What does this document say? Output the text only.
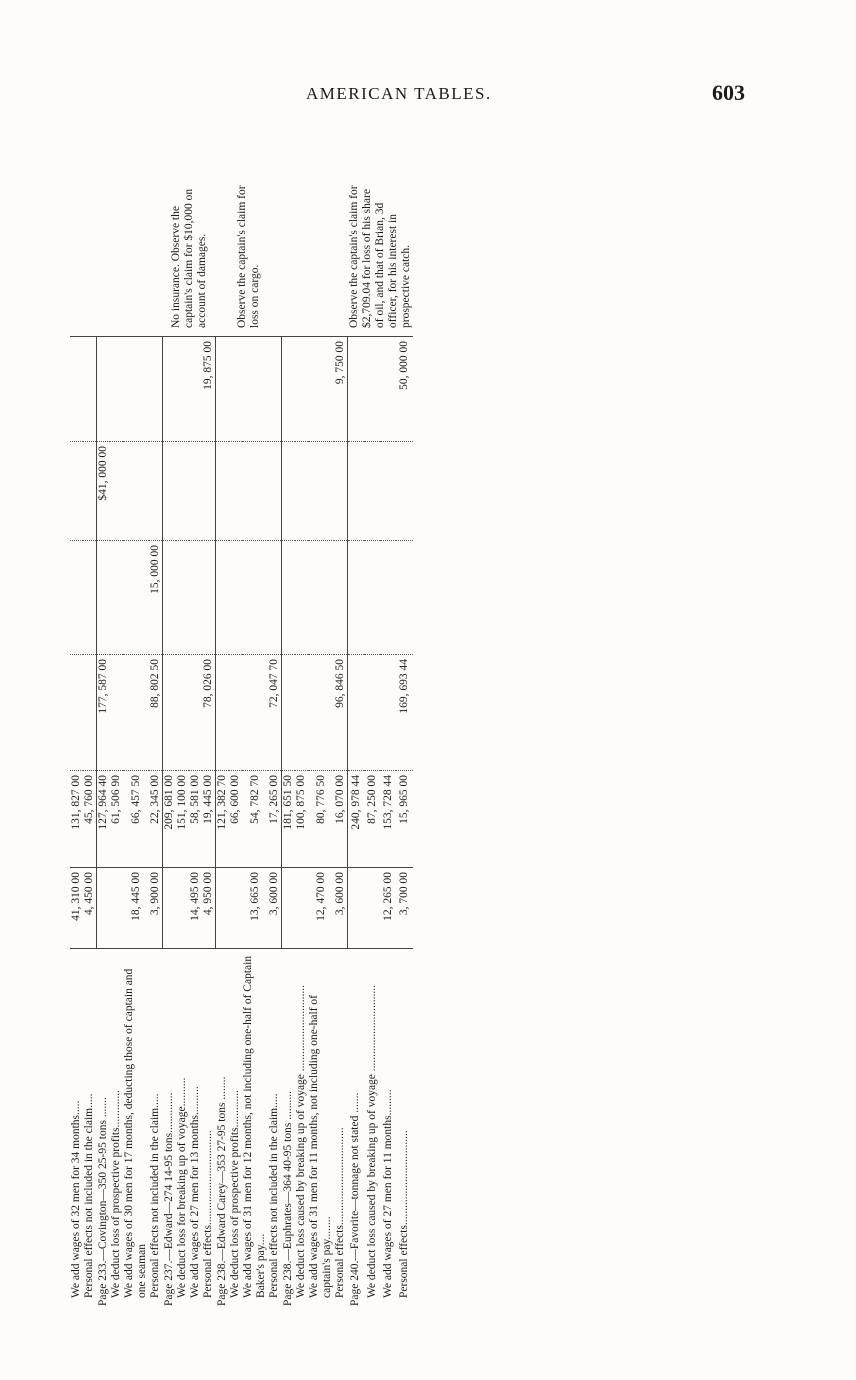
AMERICAN TABLES.	603
We add wages of 32 men for 34 months.....	41, 310 00	131, 827 00					
Personal effects not included in the claim.....	4, 450 00	45, 760 00					
Page 233.—Covington—350 25-95 tons .......		127, 964 40	177, 587 00		$41, 000 00		
We deduct loss of prospective profits.............		61, 506 90					
We add wages of 30 men for 17 months, deducting those of captain and one seaman	18, 445 00	66, 457 50					
Personal effects not included in the claim.....	3, 900 00	22, 345 00	88, 802 50	15, 000 00			
Page 237.—Edward—274 14-95 tons..............		209, 681 00					No insurance. Observe the captain's claim for $10,000 on account of damages.
We deduct loss for breaking up of voyage..........		151, 100 00					
We add wages of 27 men for 13 months..........	14, 495 00	58, 581 00					
Personal effects.................................	4, 950 00	19, 445 00	78, 026 00			19, 875 00	
Page 238.—Edward Carey—353 27-95 tons ........		121, 382 70					Observe the captain's claim for loss on cargo.
We deduct loss of prospective profits.............		66, 600 00					
We add wages of 31 men for 12 months, not including one-half of Captain Baker's pay....	13, 665 00	54, 782 70					
Personal effects not included in the claim.....	3, 600 00	17, 265 00	72, 047 70				
Page 238.—Euphrates—364 40-95 tons ..........		181, 651 50					
We deduct loss caused by breaking up of voyage ..............................		100, 875 00					
We add wages of 31 men for 11 months, not including one-half of captain's pay........	12, 470 00	80, 776 50					
Personal effects..................................	3, 600 00	16, 070 00	96, 846 50			9, 750 00	
Page 240.—Favorite—tonnage not stated .......		240, 978 44					Observe the captain's claim for $2,709.04 for loss of his share of oil, and that of Brian, 3d officer, for his interest in prospective catch.
We deduct loss caused by breaking up of voyage ..............................		87, 250 00					
We add wages of 27 men for 11 months.........	12, 265 00	153, 728 44					
Personal effects.................................	3, 700 00	15, 965 00	169, 693 44			50, 000 00	
